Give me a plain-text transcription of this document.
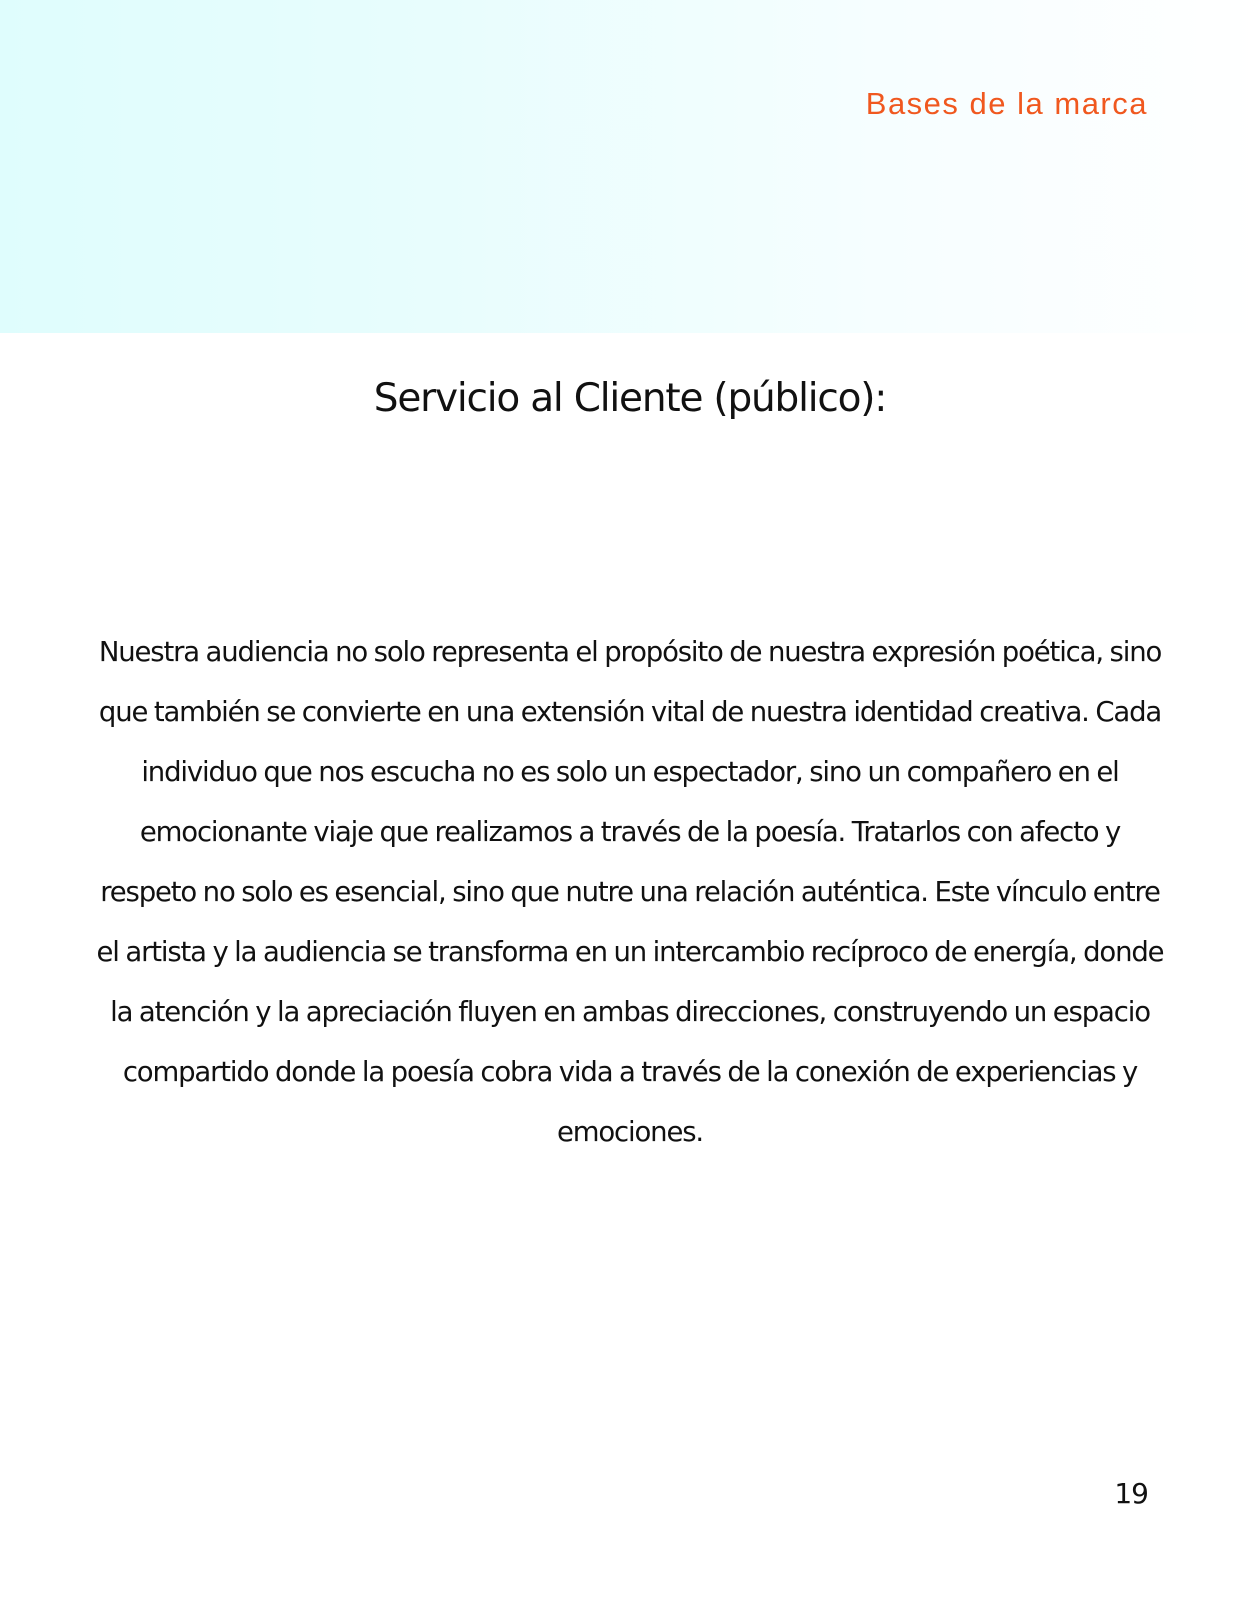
Bases de la marca

Servicio al Cliente (público):

Nuestra audiencia no solo representa el propósito de nuestra expresión poética, sino que también se convierte en una extensión vital de nuestra identidad creativa. Cada individuo que nos escucha no es solo un espectador, sino un compañero en el emocionante viaje que realizamos a través de la poesía. Tratarlos con afecto y respeto no solo es esencial, sino que nutre una relación auténtica. Este vínculo entre el artista y la audiencia se transforma en un intercambio recíproco de energía, donde la atención y la apreciación fluyen en ambas direcciones, construyendo un espacio compartido donde la poesía cobra vida a través de la conexión de experiencias y emociones.

19
